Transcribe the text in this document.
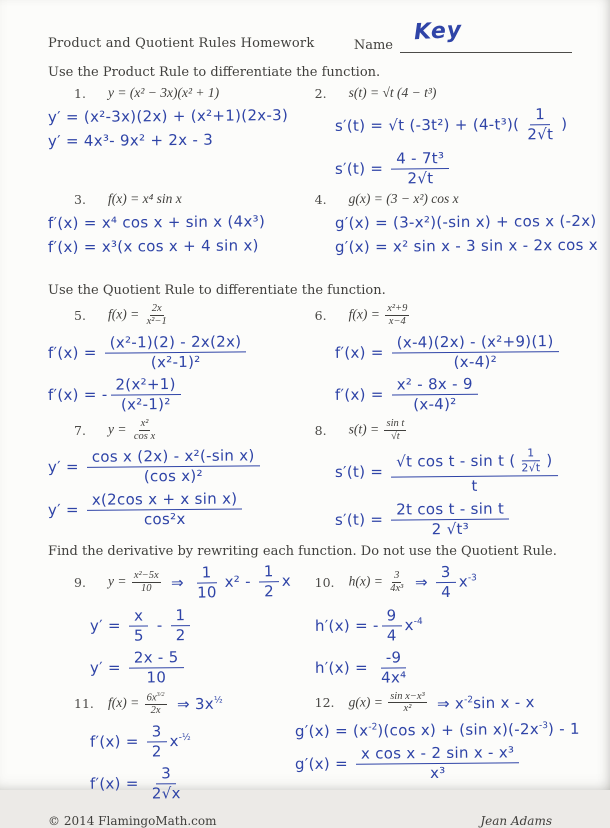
Product and Quotient Rules Homework	Name
Key
Use the Product Rule to differentiate the function.
1.	y = (x² − 3x)(x² + 1)
y′ = (x²-3x)(2x) + (x²+1)(2x-3)
y′ = 4x³- 9x² + 2x - 3
2.	s(t) = √t (4 − t³)
s′(t) = √t $(-3t^2) + (4-t^3)( \frac{1}{2√t}$ )
$s'(t) = \frac{\text{4 - 7t³}}{2√t}$
3.	f(x) = x⁴ sin x
f′(x) = x⁴ cos x + sin x (4x³)
f′(x) = x³(x cos x + 4 sin x)
4.	g(x) = (3 − x²) cos x
g′(x) = (3-x²)(-sin x) + cos x (-2x)
g′(x) = x² sin x - 3 sin x - 2x cos x
Use the Quotient Rule to differentiate the function.
5.	$f(x) = \frac{2x}{\text{x²−1}}$
$f'(x) = \frac{\text{(x²-1)(2) - 2x(2x)}}{\text{(x²-1)²}}$
f′(x) = - $\frac{\text{2(x²+1)}}{\text{(x²-1)²}}$
6.	$f(x) = \frac{\text{x²+9}}{x-4}$
$f'(x) = \frac{\text{(x-4)(2x) - (x²+9)(1)}}{\text{(x-4)²}}$
$f'(x) = \frac{\text{x² - 8x - 9}}{\text{(x-4)²}}$
7.	$y = \frac{\text{x²}}{\text{cos x}}$
$y' = \frac{\text{cos x (2x) - x²(-sin x)}}{\text{(cos x)²}}$
$y' = \frac{\text{x(2cos x + x sin x)}}{\text{cos²x}}$
8.	$s(t) = \frac{\text{sin t}}{√t}$
$s'(t) = \frac{√t \cos t - \sin t ( \frac{1}{2√t} )}{t}$
$s'(t) = \frac{\text{2t cos t - sin t}}{\text{2 √t³}}$
Find the derivative by rewriting each function. Do not use the Quotient Rule.
9.	$y = \frac{\text{x²−5x}}{10}$ ⇒ $\frac{1}{10} x^2 - \frac{1}{2}$ x
$y' = \frac{x}{5} - \frac{1}{2}$
$y' = \frac{2x - 5}{10}$
10. $h(x) = \frac{3}{\text{4x³}}$ ⇒ $\frac{3}{4} x^{-3}$
h′(x) = - $\frac{9}{4} x^{-4}$
$h'(x) = \frac{-9}{\text{4x⁴}}$
11. $f(x) = \frac{6x^{3/2}}{2x}$ ⇒ $3x^{\frac{1}{2}}$
$f'(x) = \frac{3}{2} x^{-\frac{1}{2}}$
$f'(x) = \frac{3}{2√x}$
12. $g(x) = \frac{\text{sin x−x³}}{\text{x²}}$ ⇒ $x^{-2}\sin$ x - x
$g'(x) = (x^{-2})(\cos$ x) + (sin $x)(-2x^{-3}) - 1$
$g'(x) = \frac{\text{x cos x - 2 sin x - x³}}{\text{x³}}$
© 2014 FlamingoMath.com	Jean Adams
